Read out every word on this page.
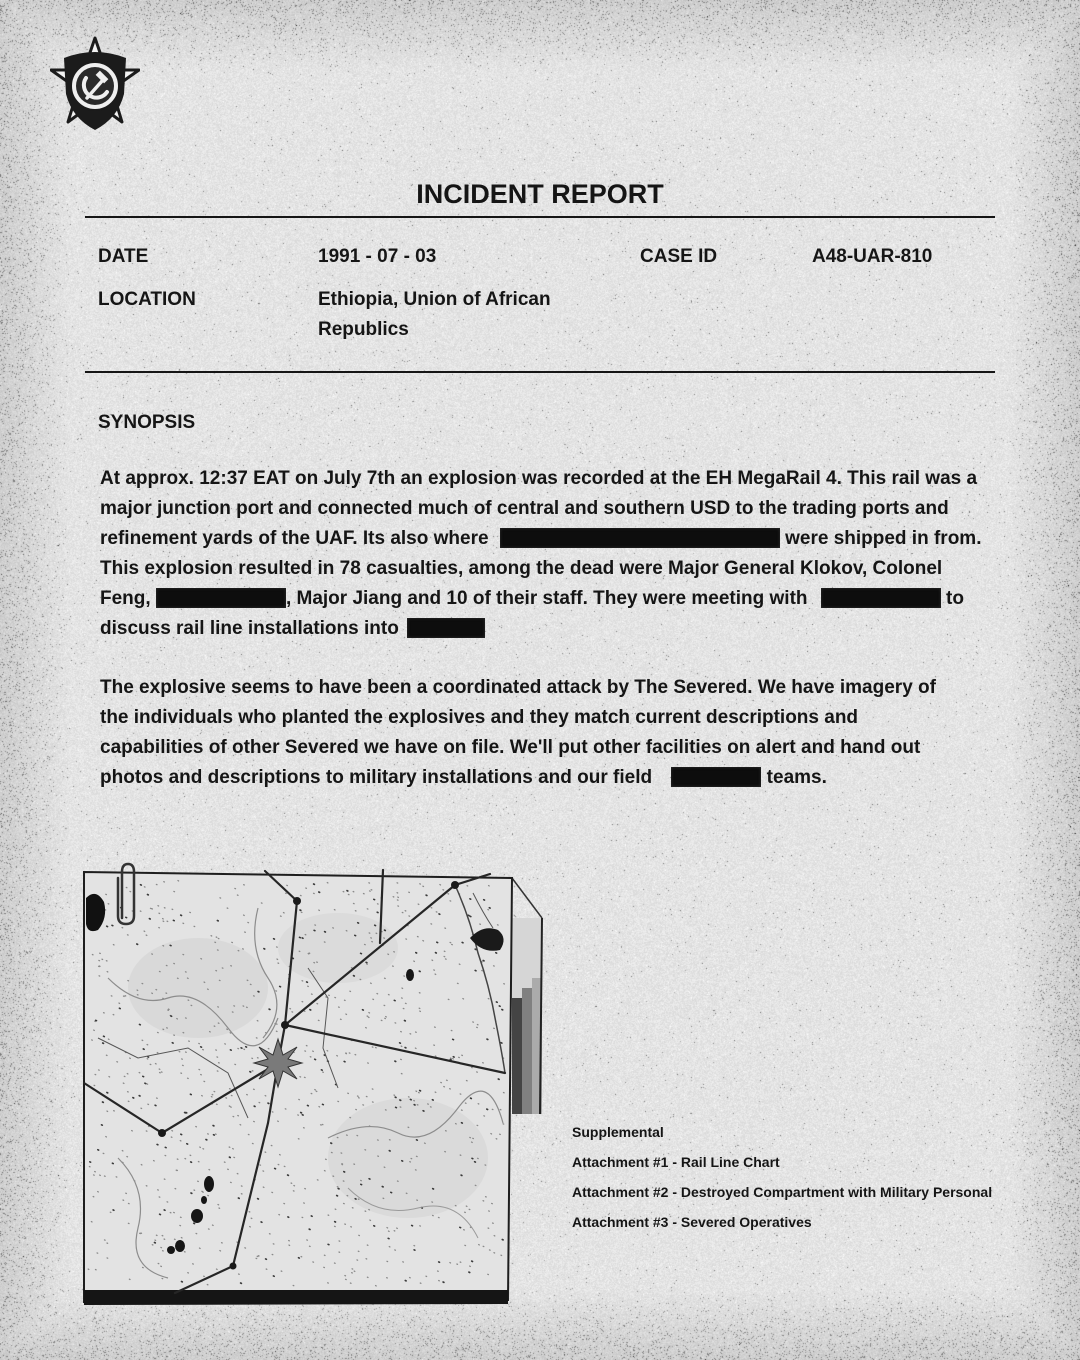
INCIDENT REPORT
DATE	1991 - 07 - 03	CASE ID	A48-UAR-810
LOCATION	Ethiopia, Union of African Republics
SYNOPSIS
At approx. 12:37 EAT on July 7th an explosion was recorded at the EH MegaRail 4. This rail was a
major junction port and connected much of central and southern USD to the trading ports and
refinement yards of the UAF. Its also where	were shipped in from.
This explosion resulted in 78 casualties, among the dead were Major General Klokov, Colonel
Feng,	, Major Jiang and 10 of their staff. They were meeting with	to
discuss rail line installations into
The explosive seems to have been a coordinated attack by The Severed. We have imagery of
the individuals who planted the explosives and they match current descriptions and
capabilities of other Severed we have on file. We'll put other facilities on alert and hand out
photos and descriptions to military installations and our field	teams.
Supplemental
Attachment #1 - Rail Line Chart
Attachment #2 - Destroyed Compartment with Military Personal
Attachment #3 - Severed Operatives
